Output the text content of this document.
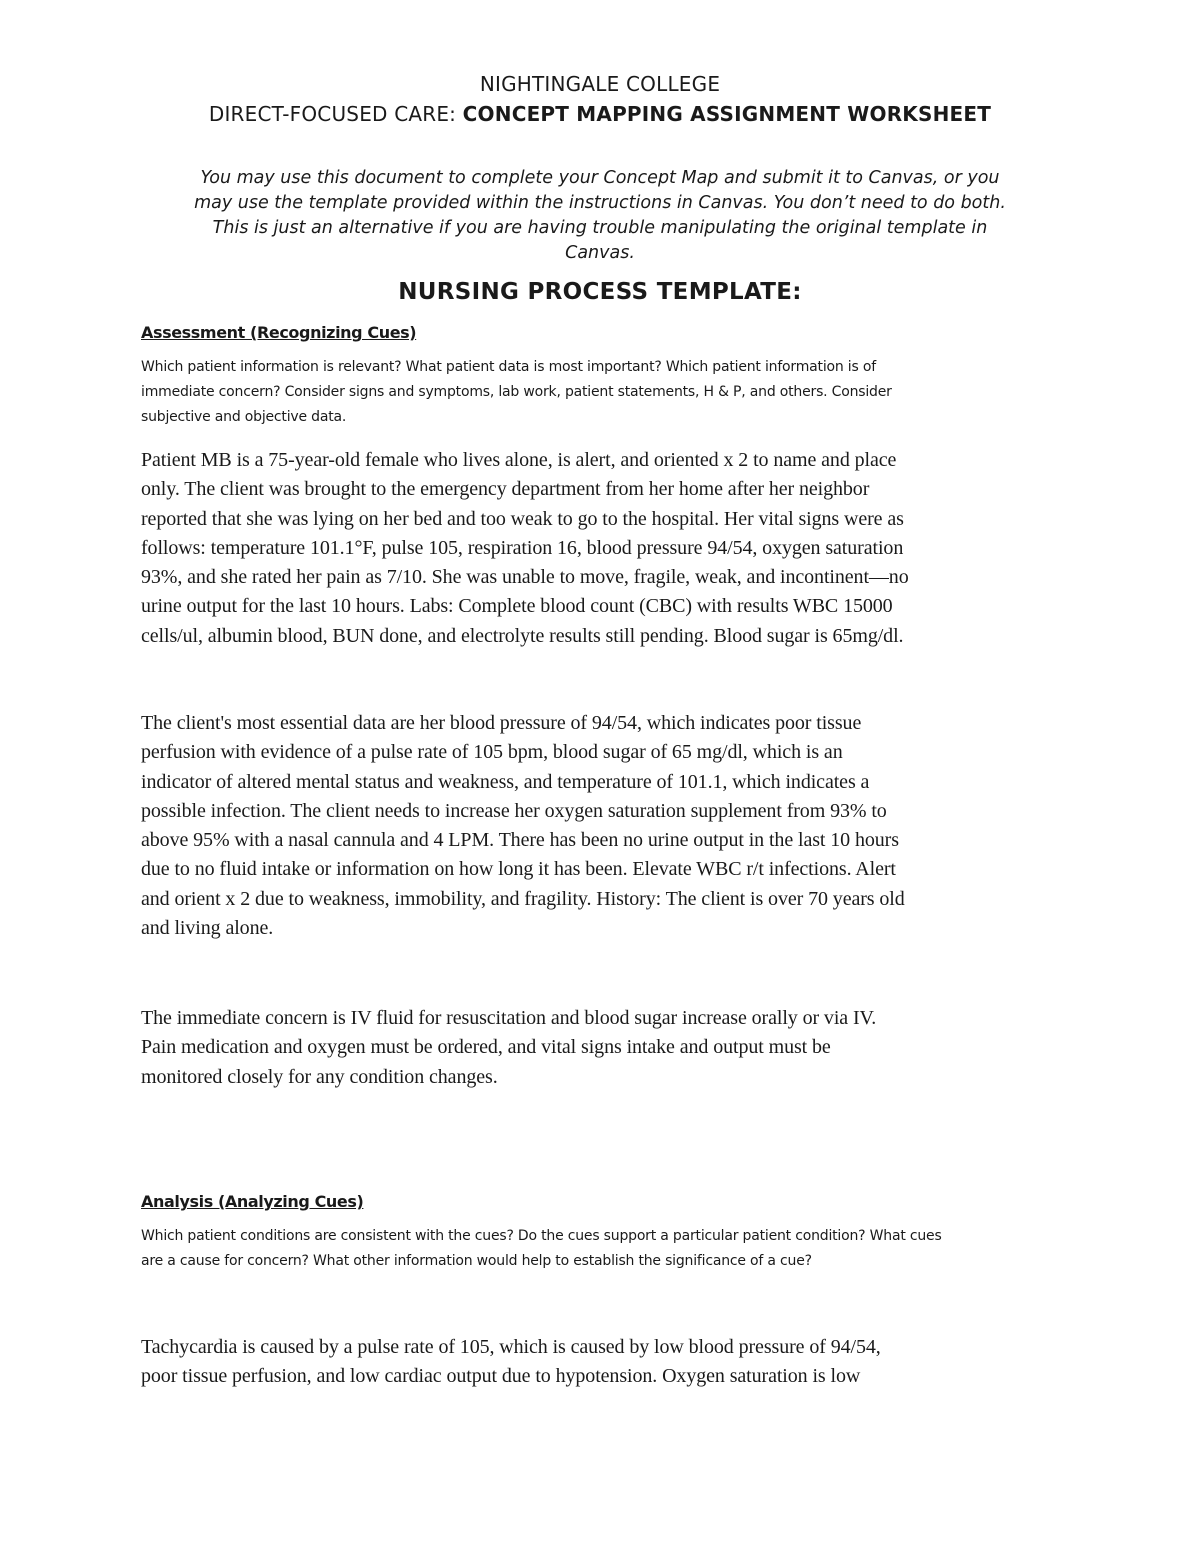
NIGHTINGALE COLLEGE
DIRECT-FOCUSED CARE: CONCEPT MAPPING ASSIGNMENT WORKSHEET
You may use this document to complete your Concept Map and submit it to Canvas, or you
may use the template provided within the instructions in Canvas. You don’t need to do both.
This is just an alternative if you are having trouble manipulating the original template in
Canvas.
NURSING PROCESS TEMPLATE:
Assessment (Recognizing Cues)
Which patient information is relevant? What patient data is most important? Which patient information is of
immediate concern? Consider signs and symptoms, lab work, patient statements, H & P, and others. Consider
subjective and objective data.
Patient MB is a 75-year-old female who lives alone, is alert, and oriented x 2 to name and place
only. The client was brought to the emergency department from her home after her neighbor
reported that she was lying on her bed and too weak to go to the hospital. Her vital signs were as
follows: temperature 101.1°F, pulse 105, respiration 16, blood pressure 94/54, oxygen saturation
93%, and she rated her pain as 7/10. She was unable to move, fragile, weak, and incontinent—no
urine output for the last 10 hours. Labs: Complete blood count (CBC) with results WBC 15000
cells/ul, albumin blood, BUN done, and electrolyte results still pending. Blood sugar is 65mg/dl.
The client's most essential data are her blood pressure of 94/54, which indicates poor tissue
perfusion with evidence of a pulse rate of 105 bpm, blood sugar of 65 mg/dl, which is an
indicator of altered mental status and weakness, and temperature of 101.1, which indicates a
possible infection. The client needs to increase her oxygen saturation supplement from 93% to
above 95% with a nasal cannula and 4 LPM. There has been no urine output in the last 10 hours
due to no fluid intake or information on how long it has been. Elevate WBC r/t infections. Alert
and orient x 2 due to weakness, immobility, and fragility. History: The client is over 70 years old
and living alone.
The immediate concern is IV fluid for resuscitation and blood sugar increase orally or via IV.
Pain medication and oxygen must be ordered, and vital signs intake and output must be
monitored closely for any condition changes.
Analysis (Analyzing Cues)
Which patient conditions are consistent with the cues? Do the cues support a particular patient condition? What cues
are a cause for concern? What other information would help to establish the significance of a cue?
Tachycardia is caused by a pulse rate of 105, which is caused by low blood pressure of 94/54,
poor tissue perfusion, and low cardiac output due to hypotension. Oxygen saturation is low
